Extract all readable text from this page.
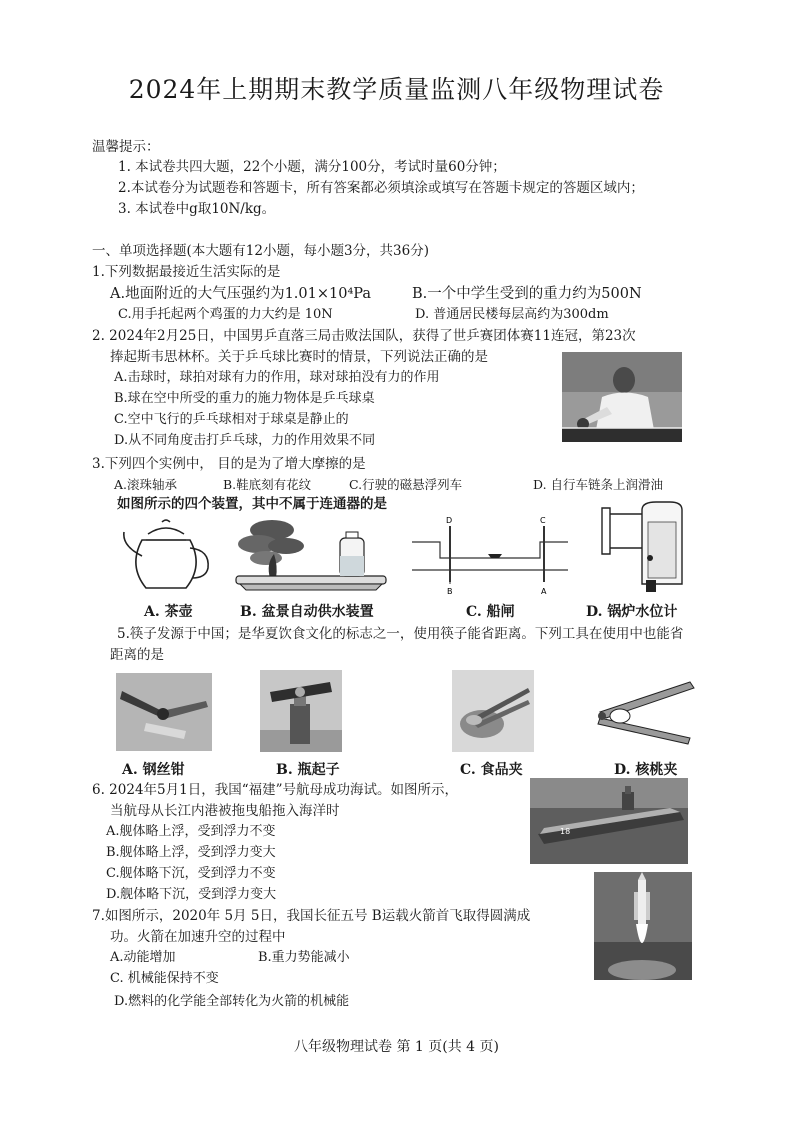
2024年上期期末教学质量监测八年级物理试卷
温馨提示：
1. 本试卷共四大题，22个小题，满分100分，考试时量60分钟；
2.本试卷分为试题卷和答题卡，所有答案都必须填涂或填写在答题卡规定的答题区域内；
3. 本试卷中g取10N/kg。
一、单项选择题(本大题有12小题，每小题3分，共36分)
1.下列数据最接近生活实际的是
A.地面附近的大气压强约为1.01×10⁴Pa	B.一个中学生受到的重力约为500N
C.用手托起两个鸡蛋的力大约是 10N	D. 普通居民楼每层高约为300dm
2. 2024年2月25日，中国男乒直落三局击败法国队，获得了世乒赛团体赛11连冠，第23次
捧起斯韦思林杯。关于乒乓球比赛时的情景，下列说法正确的是
A.击球时，球拍对球有力的作用，球对球拍没有力的作用
B.球在空中所受的重力的施力物体是乒乓球桌
C.空中飞行的乒乓球相对于球桌是静止的
D.从不同角度击打乒乓球，力的作用效果不同
3.下列四个实例中， 目的是为了增大摩擦的是
A.滚珠轴承	B.鞋底刻有花纹	C.行驶的磁悬浮列车	D. 自行车链条上润滑油
如图所示的四个装置，其中不属于连通器的是
D	C
B	A
A. 茶壶	B. 盆景自动供水装置	C. 船闸	D. 锅炉水位计
5.筷子发源于中国；是华夏饮食文化的标志之一，使用筷子能省距离。下列工具在使用中也能省
距离的是
A. 钢丝钳	B. 瓶起子	C. 食品夹	D. 核桃夹
6. 2024年5月1日，我国“福建”号航母成功海试。如图所示，
当航母从长江内港被拖曳船拖入海洋时
A.舰体略上浮，受到浮力不变
B.舰体略上浮，受到浮力变大
C.舰体略下沉，受到浮力不变
D.舰体略下沉，受到浮力变大
18
7.如图所示，2020年 5月 5日，我国长征五号 B运载火箭首飞取得圆满成
功。火箭在加速升空的过程中
A.动能增加	B.重力势能减小
C. 机械能保持不变
D.燃料的化学能全部转化为火箭的机械能
八年级物理试卷 第 1 页(共 4 页)
